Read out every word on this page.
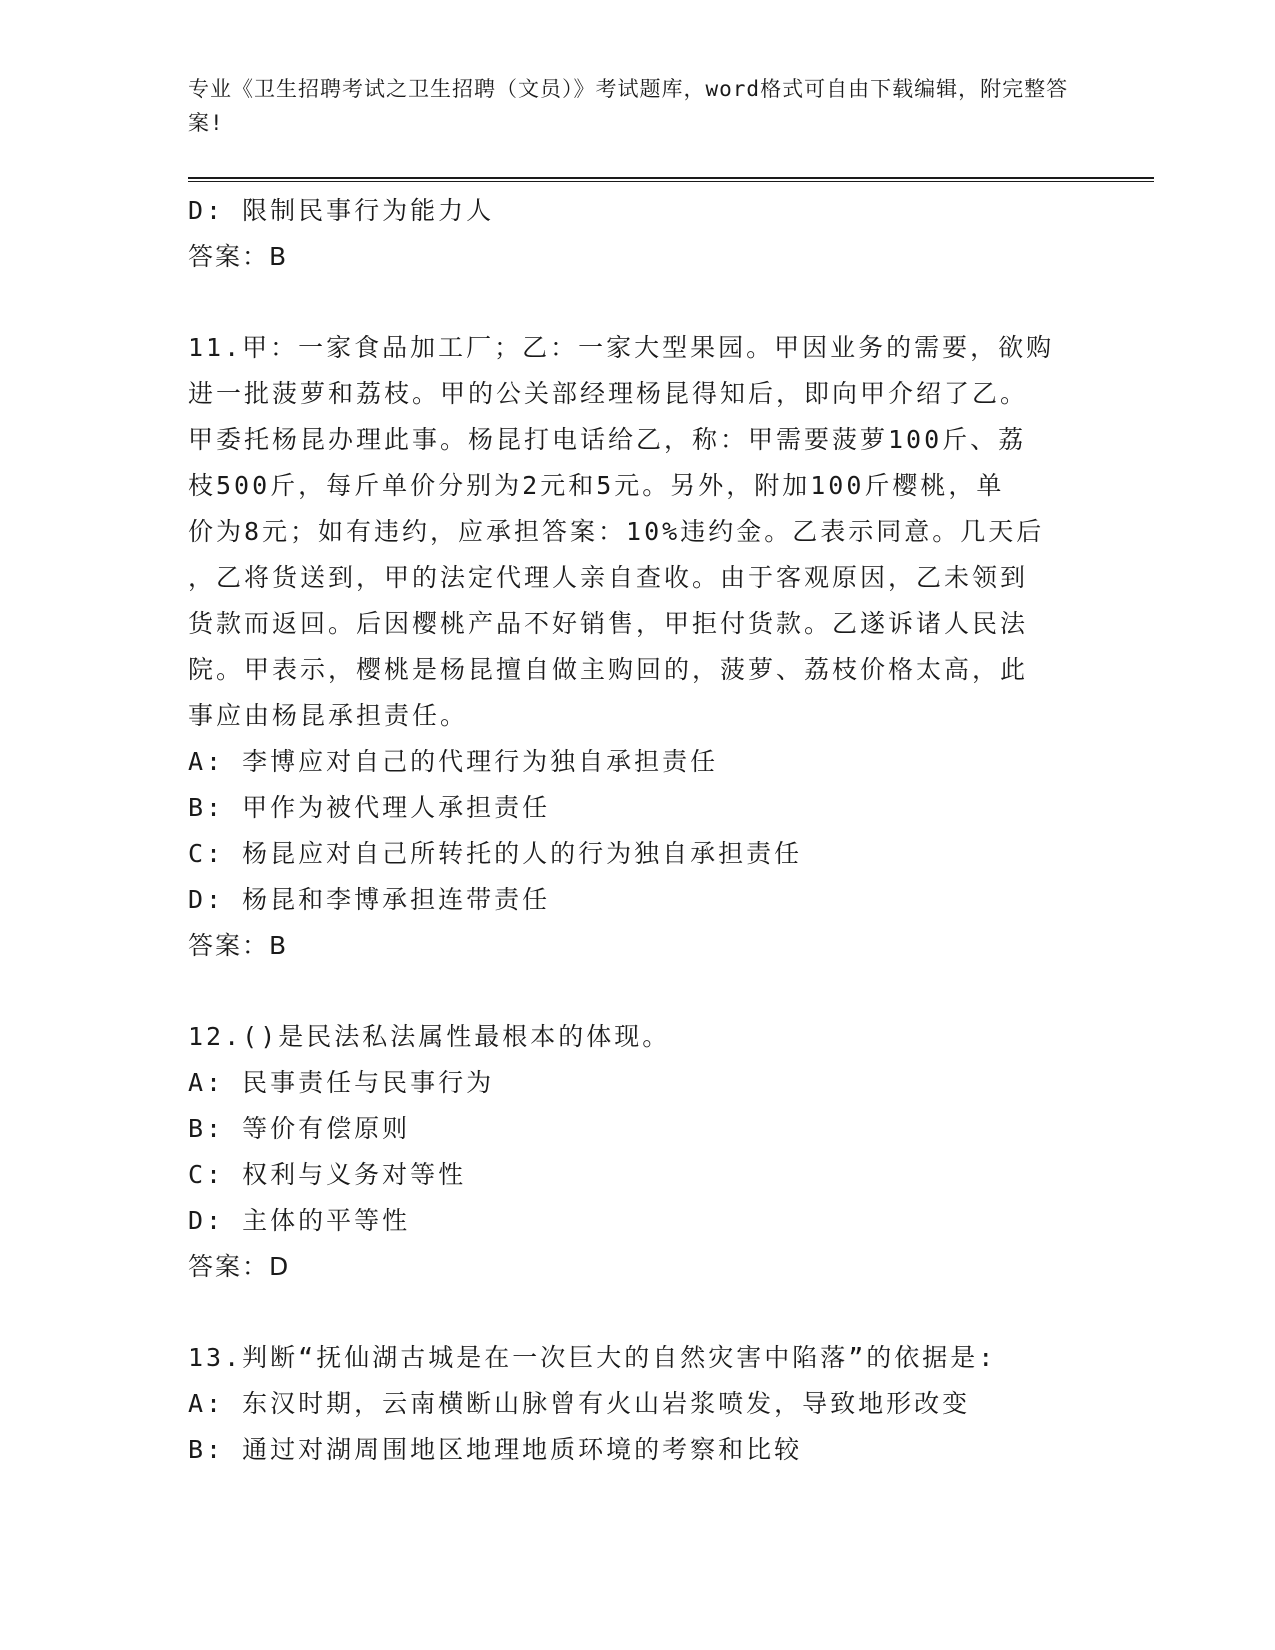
专业《卫生招聘考试之卫生招聘（文员）》考试题库，word格式可自由下载编辑，附完整答案!
D: 限制民事行为能力人
答案：B
11.甲：一家食品加工厂；乙：一家大型果园。甲因业务的需要，欲购
进一批菠萝和荔枝。甲的公关部经理杨昆得知后，即向甲介绍了乙。
甲委托杨昆办理此事。杨昆打电话给乙，称：甲需要菠萝100斤、荔
枝500斤，每斤单价分别为2元和5元。另外，附加100斤樱桃，单
价为8元；如有违约，应承担答案：10%违约金。乙表示同意。几天后
，乙将货送到，甲的法定代理人亲自查收。由于客观原因，乙未领到
货款而返回。后因樱桃产品不好销售，甲拒付货款。乙遂诉诸人民法
院。甲表示，樱桃是杨昆擅自做主购回的，菠萝、荔枝价格太高，此
事应由杨昆承担责任。
A: 李博应对自己的代理行为独自承担责任
B: 甲作为被代理人承担责任
C: 杨昆应对自己所转托的人的行为独自承担责任
D: 杨昆和李博承担连带责任
答案：B
12.()是民法私法属性最根本的体现。
A: 民事责任与民事行为
B: 等价有偿原则
C: 权利与义务对等性
D: 主体的平等性
答案：D
13.判断“抚仙湖古城是在一次巨大的自然灾害中陷落”的依据是:
A: 东汉时期，云南横断山脉曾有火山岩浆喷发，导致地形改变
B: 通过对湖周围地区地理地质环境的考察和比较
